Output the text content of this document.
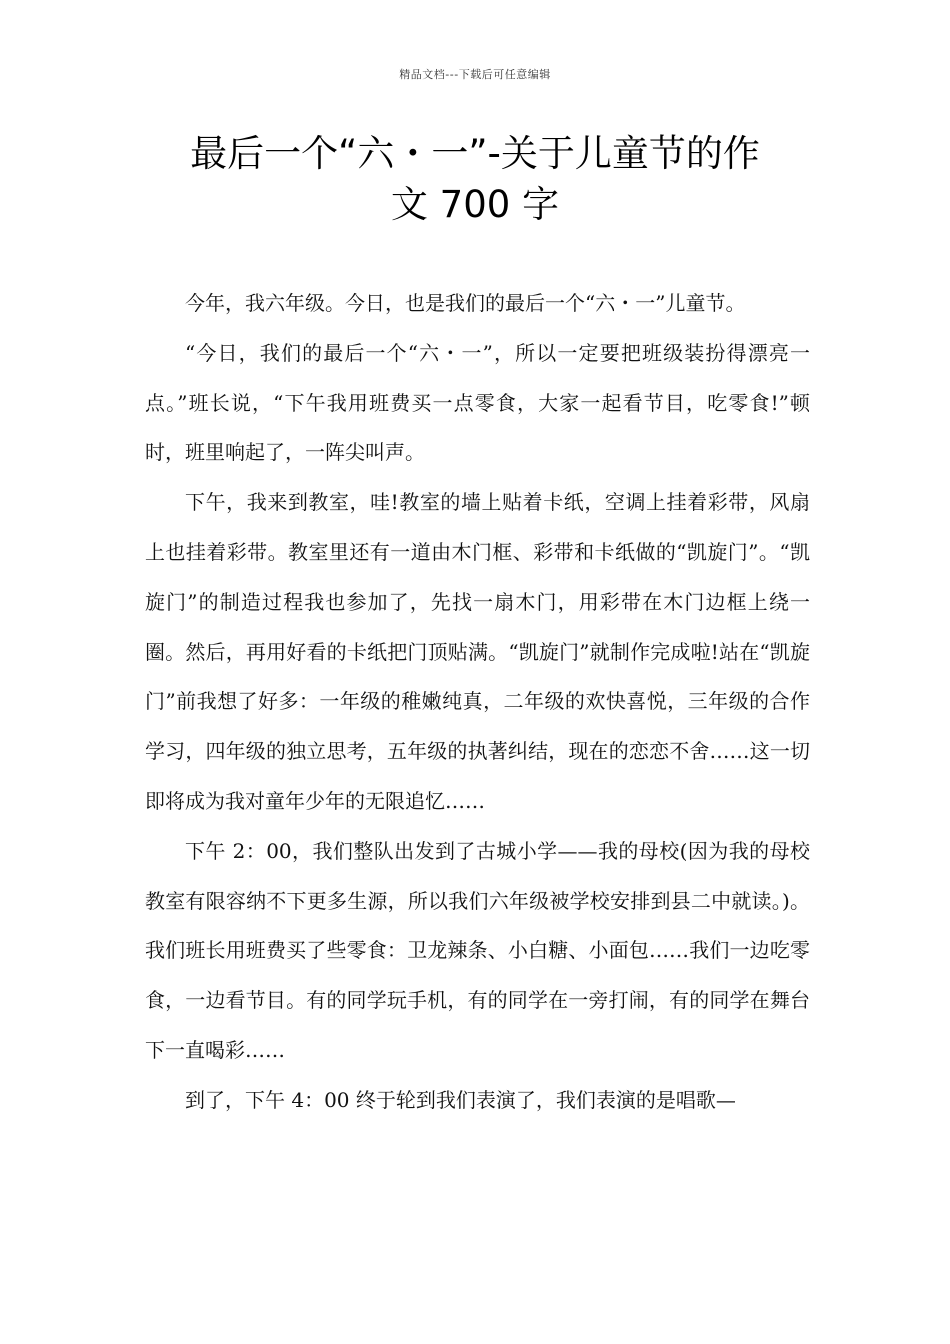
精品文档---下载后可任意编辑
最后一个“六・一”-关于儿童节的作
文 700 字

今年，我六年级。今日，也是我们的最后一个“六・一”儿童节。

“今日，我们的最后一个“六・一”，所以一定要把班级装扮得漂亮一点。”班长说，“下午我用班费买一点零食，大家一起看节目，吃零食!”顿时，班里响起了，一阵尖叫声。

下午，我来到教室，哇!教室的墙上贴着卡纸，空调上挂着彩带，风扇上也挂着彩带。教室里还有一道由木门框、彩带和卡纸做的“凯旋门”。“凯旋门”的制造过程我也参加了，先找一扇木门，用彩带在木门边框上绕一圈。然后，再用好看的卡纸把门顶贴满。“凯旋门”就制作完成啦!站在“凯旋门”前我想了好多：一年级的稚嫩纯真，二年级的欢快喜悦，三年级的合作学习，四年级的独立思考，五年级的执著纠结，现在的恋恋不舍……这一切即将成为我对童年少年的无限追忆……

下午 2：00，我们整队出发到了古城小学——我的母校(因为我的母校教室有限容纳不下更多生源，所以我们六年级被学校安排到县二中就读。)。我们班长用班费买了些零食：卫龙辣条、小白糖、小面包……我们一边吃零食，一边看节目。有的同学玩手机，有的同学在一旁打闹，有的同学在舞台下一直喝彩……

到了，下午 4：00 终于轮到我们表演了，我们表演的是唱歌—
